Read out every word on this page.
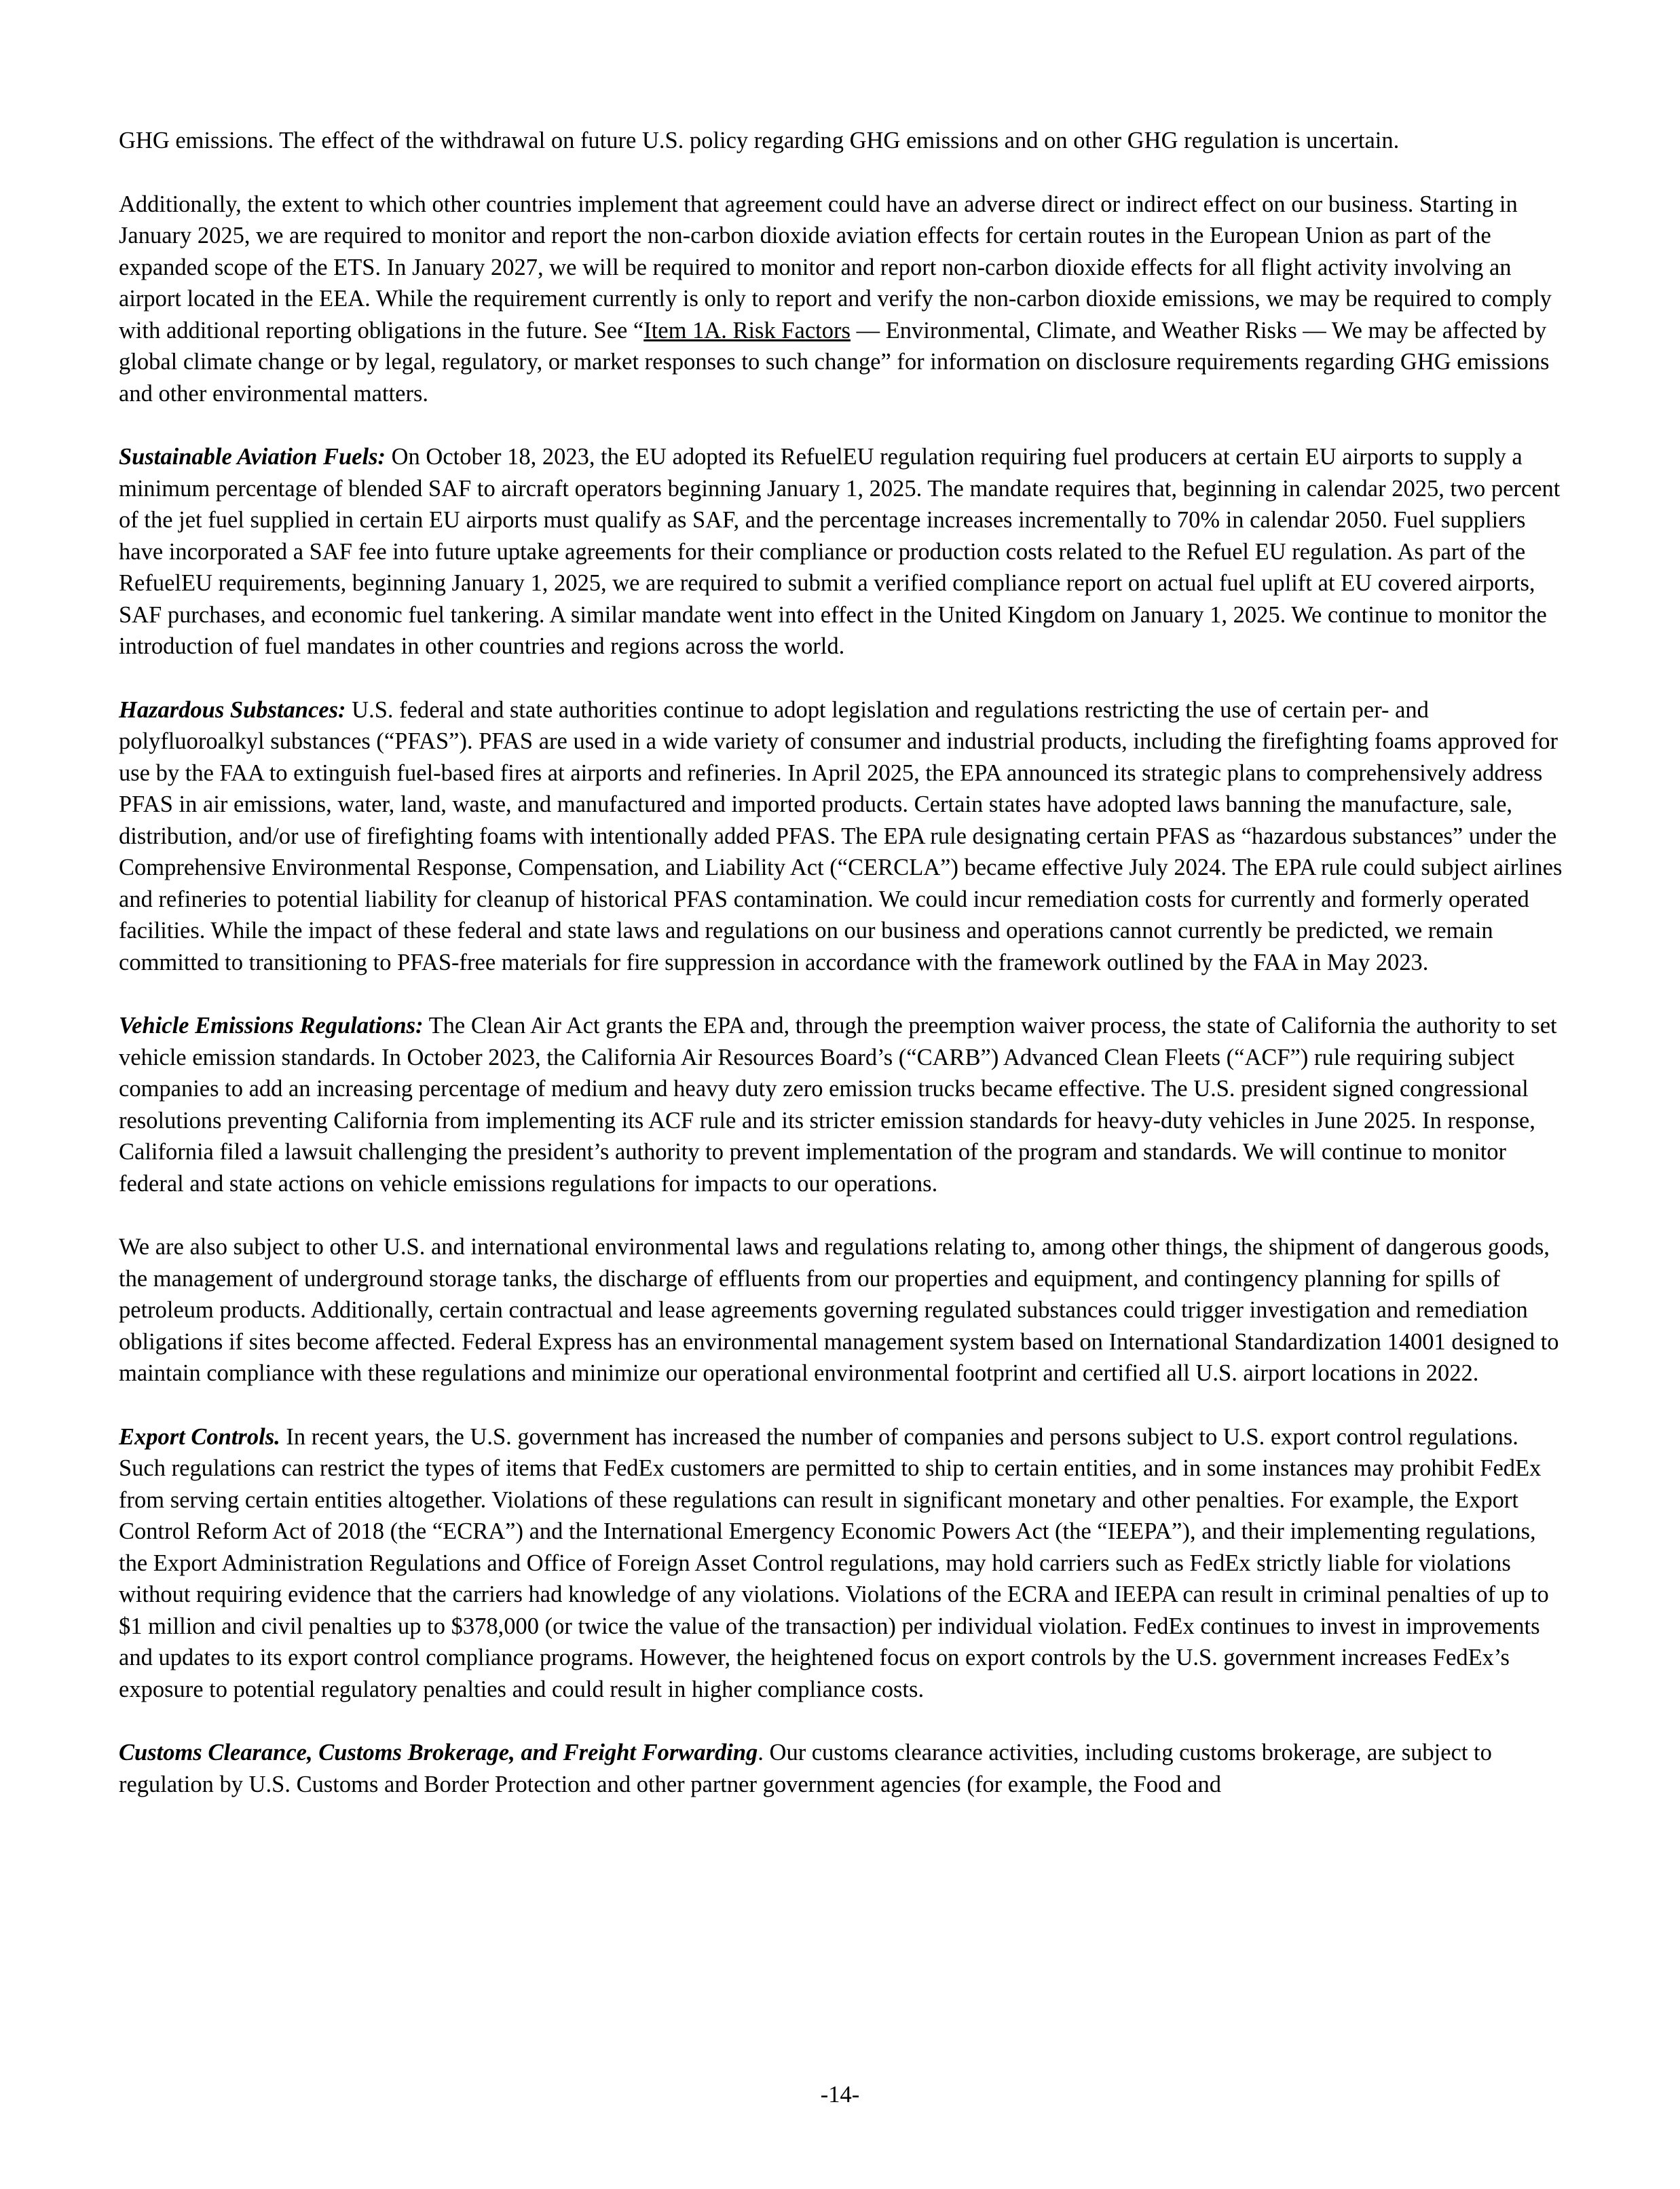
GHG emissions. The effect of the withdrawal on future U.S. policy regarding GHG emissions and on other GHG regulation is uncertain.

Additionally, the extent to which other countries implement that agreement could have an adverse direct or indirect effect on our business. Starting in January 2025, we are required to monitor and report the non-carbon dioxide aviation effects for certain routes in the European Union as part of the expanded scope of the ETS. In January 2027, we will be required to monitor and report non-carbon dioxide effects for all flight activity involving an airport located in the EEA. While the requirement currently is only to report and verify the non-carbon dioxide emissions, we may be required to comply with additional reporting obligations in the future. See “Item 1A. Risk Factors — Environmental, Climate, and Weather Risks — We may be affected by global climate change or by legal, regulatory, or market responses to such change” for information on disclosure requirements regarding GHG emissions and other environmental matters.

Sustainable Aviation Fuels: On October 18, 2023, the EU adopted its RefuelEU regulation requiring fuel producers at certain EU airports to supply a minimum percentage of blended SAF to aircraft operators beginning January 1, 2025. The mandate requires that, beginning in calendar 2025, two percent of the jet fuel supplied in certain EU airports must qualify as SAF, and the percentage increases incrementally to 70% in calendar 2050. Fuel suppliers have incorporated a SAF fee into future uptake agreements for their compliance or production costs related to the Refuel EU regulation. As part of the RefuelEU requirements, beginning January 1, 2025, we are required to submit a verified compliance report on actual fuel uplift at EU covered airports, SAF purchases, and economic fuel tankering. A similar mandate went into effect in the United Kingdom on January 1, 2025. We continue to monitor the introduction of fuel mandates in other countries and regions across the world.

Hazardous Substances: U.S. federal and state authorities continue to adopt legislation and regulations restricting the use of certain per- and polyfluoroalkyl substances (“PFAS”). PFAS are used in a wide variety of consumer and industrial products, including the firefighting foams approved for use by the FAA to extinguish fuel-based fires at airports and refineries. In April 2025, the EPA announced its strategic plans to comprehensively address PFAS in air emissions, water, land, waste, and manufactured and imported products. Certain states have adopted laws banning the manufacture, sale, distribution, and/or use of firefighting foams with intentionally added PFAS. The EPA rule designating certain PFAS as “hazardous substances” under the Comprehensive Environmental Response, Compensation, and Liability Act (“CERCLA”) became effective July 2024. The EPA rule could subject airlines and refineries to potential liability for cleanup of historical PFAS contamination. We could incur remediation costs for currently and formerly operated facilities. While the impact of these federal and state laws and regulations on our business and operations cannot currently be predicted, we remain committed to transitioning to PFAS-free materials for fire suppression in accordance with the framework outlined by the FAA in May 2023.

Vehicle Emissions Regulations: The Clean Air Act grants the EPA and, through the preemption waiver process, the state of California the authority to set vehicle emission standards. In October 2023, the California Air Resources Board’s (“CARB”) Advanced Clean Fleets (“ACF”) rule requiring subject companies to add an increasing percentage of medium and heavy duty zero emission trucks became effective. The U.S. president signed congressional resolutions preventing California from implementing its ACF rule and its stricter emission standards for heavy-duty vehicles in June 2025. In response, California filed a lawsuit challenging the president’s authority to prevent implementation of the program and standards. We will continue to monitor federal and state actions on vehicle emissions regulations for impacts to our operations.

We are also subject to other U.S. and international environmental laws and regulations relating to, among other things, the shipment of dangerous goods, the management of underground storage tanks, the discharge of effluents from our properties and equipment, and contingency planning for spills of petroleum products. Additionally, certain contractual and lease agreements governing regulated substances could trigger investigation and remediation obligations if sites become affected. Federal Express has an environmental management system based on International Standardization 14001 designed to maintain compliance with these regulations and minimize our operational environmental footprint and certified all U.S. airport locations in 2022.

Export Controls. In recent years, the U.S. government has increased the number of companies and persons subject to U.S. export control regulations. Such regulations can restrict the types of items that FedEx customers are permitted to ship to certain entities, and in some instances may prohibit FedEx from serving certain entities altogether. Violations of these regulations can result in significant monetary and other penalties. For example, the Export Control Reform Act of 2018 (the “ECRA”) and the International Emergency Economic Powers Act (the “IEEPA”), and their implementing regulations, the Export Administration Regulations and Office of Foreign Asset Control regulations, may hold carriers such as FedEx strictly liable for violations without requiring evidence that the carriers had knowledge of any violations. Violations of the ECRA and IEEPA can result in criminal penalties of up to $1 million and civil penalties up to $378,000 (or twice the value of the transaction) per individual violation. FedEx continues to invest in improvements and updates to its export control compliance programs. However, the heightened focus on export controls by the U.S. government increases FedEx’s exposure to potential regulatory penalties and could result in higher compliance costs.

Customs Clearance, Customs Brokerage, and Freight Forwarding. Our customs clearance activities, including customs brokerage, are subject to regulation by U.S. Customs and Border Protection and other partner government agencies (for example, the Food and

-14-
